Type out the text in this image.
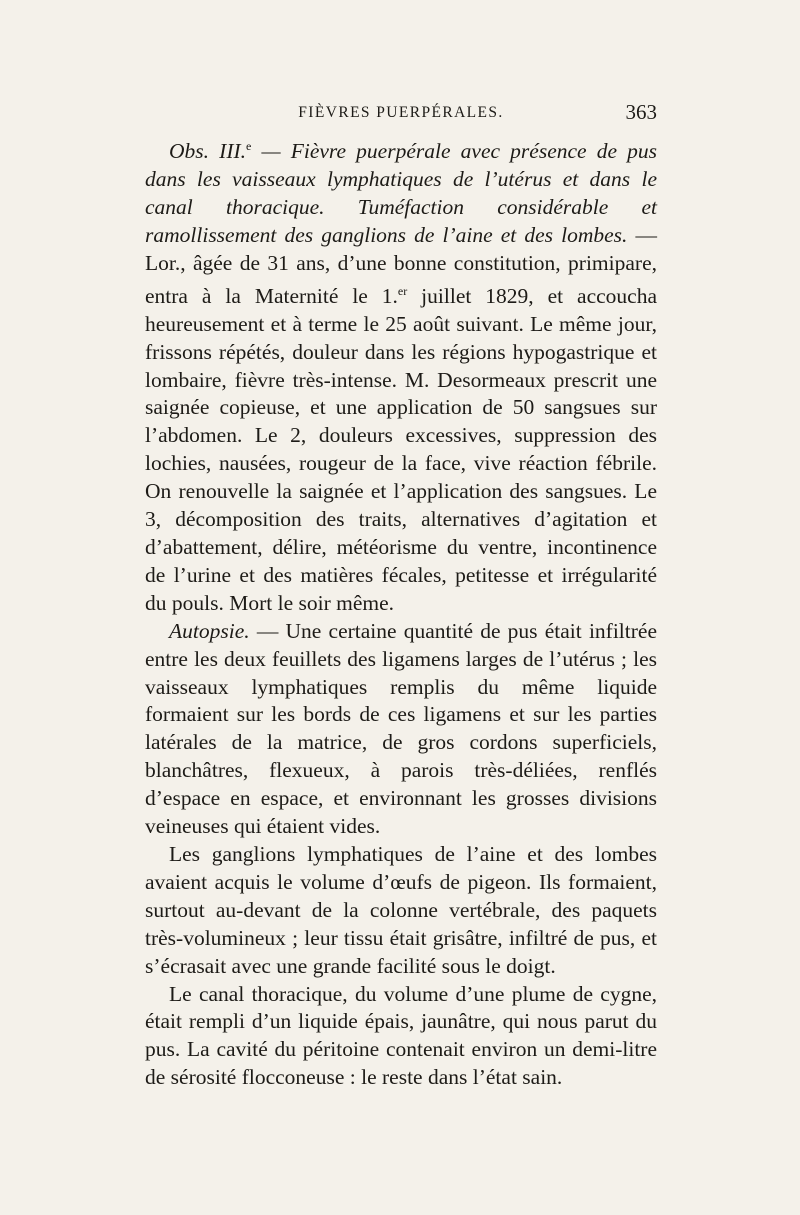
FIÈVRES PUERPÉRALES.	363

Obs. III.$^e$ — Fièvre puerpérale avec présence de pus dans les vaisseaux lymphatiques de l’utérus et dans le canal thoracique. Tuméfaction considérable et ramollissement des ganglions de l’aine et des lombes. — Lor., âgée de 31 ans, d’une bonne constitution, primipare, entra à la Maternité le 1.$^{er}$ juillet 1829, et accoucha heureusement et à terme le 25 août suivant. Le même jour, frissons répétés, douleur dans les régions hypogastrique et lombaire, fièvre très-intense. M. Desormeaux prescrit une saignée copieuse, et une application de 50 sangsues sur l’abdomen. Le 2, douleurs excessives, suppression des lochies, nausées, rougeur de la face, vive réaction fébrile. On renouvelle la saignée et l’application des sangsues. Le 3, décomposition des traits, alternatives d’agitation et d’abattement, délire, météorisme du ventre, incontinence de l’urine et des matières fécales, petitesse et irrégularité du pouls. Mort le soir même.

Autopsie. — Une certaine quantité de pus était infiltrée entre les deux feuillets des ligamens larges de l’utérus ; les vaisseaux lymphatiques remplis du même liquide formaient sur les bords de ces ligamens et sur les parties latérales de la matrice, de gros cordons superficiels, blanchâtres, flexueux, à parois très-déliées, renflés d’espace en espace, et environnant les grosses divisions veineuses qui étaient vides.

Les ganglions lymphatiques de l’aine et des lombes avaient acquis le volume d’œufs de pigeon. Ils formaient, surtout au-devant de la colonne vertébrale, des paquets très-volumineux ; leur tissu était grisâtre, infiltré de pus, et s’écrasait avec une grande facilité sous le doigt.

Le canal thoracique, du volume d’une plume de cygne, était rempli d’un liquide épais, jaunâtre, qui nous parut du pus. La cavité du péritoine contenait environ un demi-litre de sérosité flocconeuse : le reste dans l’état sain.
